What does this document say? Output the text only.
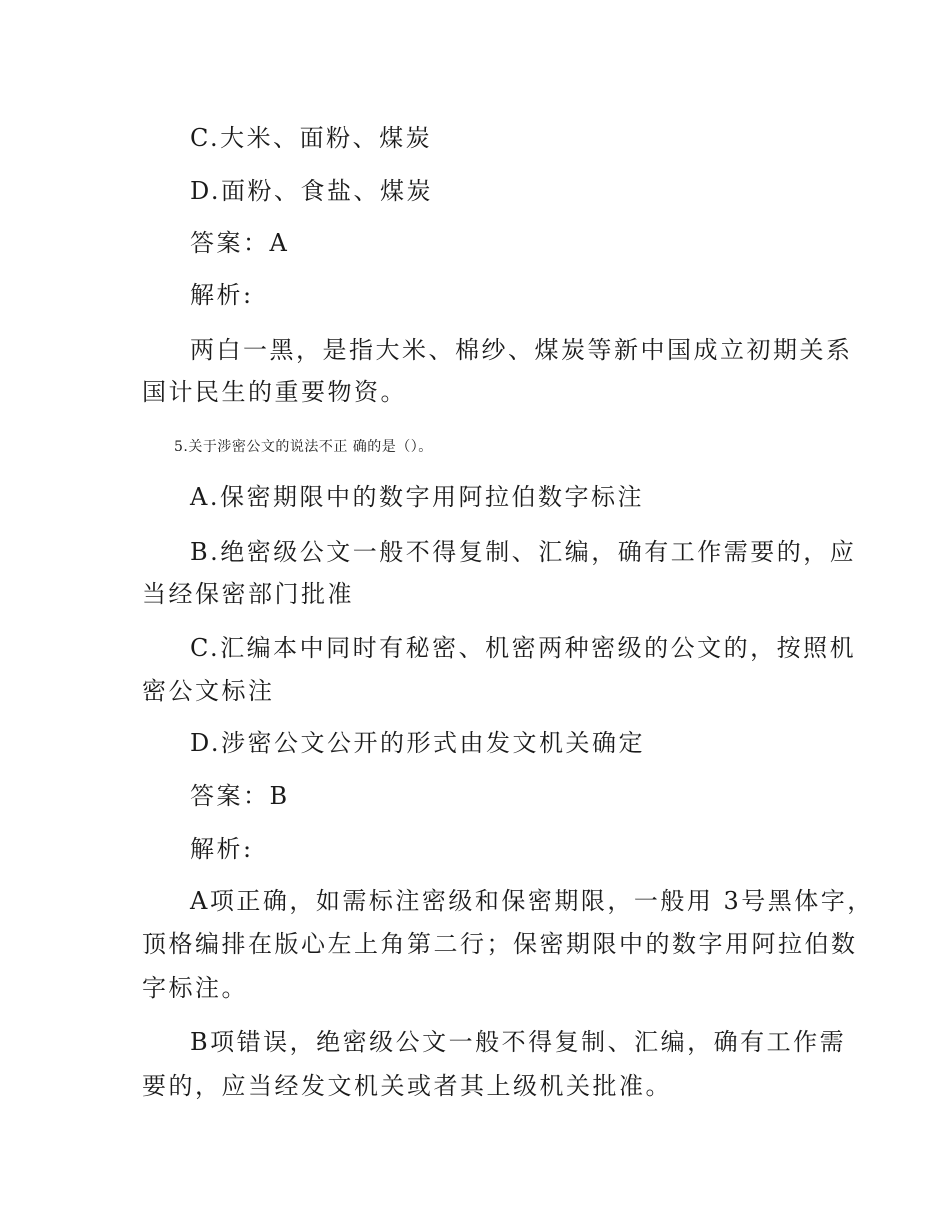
C.大米、面粉、煤炭
D.面粉、食盐、煤炭
答案：A
解析:
两白一黑，是指大米、棉纱、煤炭等新中国成立初期关系
国计民生的重要物资。
5.关于涉密公文的说法不正 确的是（）。
A.保密期限中的数字用阿拉伯数字标注
B.绝密级公文一般不得复制、汇编，确有工作需要的，应
当经保密部门批准
C.汇编本中同时有秘密、机密两种密级的公文的，按照机
密公文标注
D.涉密公文公开的形式由发文机关确定
答案：B
解析:
A项正确，如需标注密级和保密期限，一般用 3号黑体字，
顶格编排在版心左上角第二行；保密期限中的数字用阿拉伯数
字标注。
B项错误，绝密级公文一般不得复制、汇编，确有工作需
要的，应当经发文机关或者其上级机关批准。
